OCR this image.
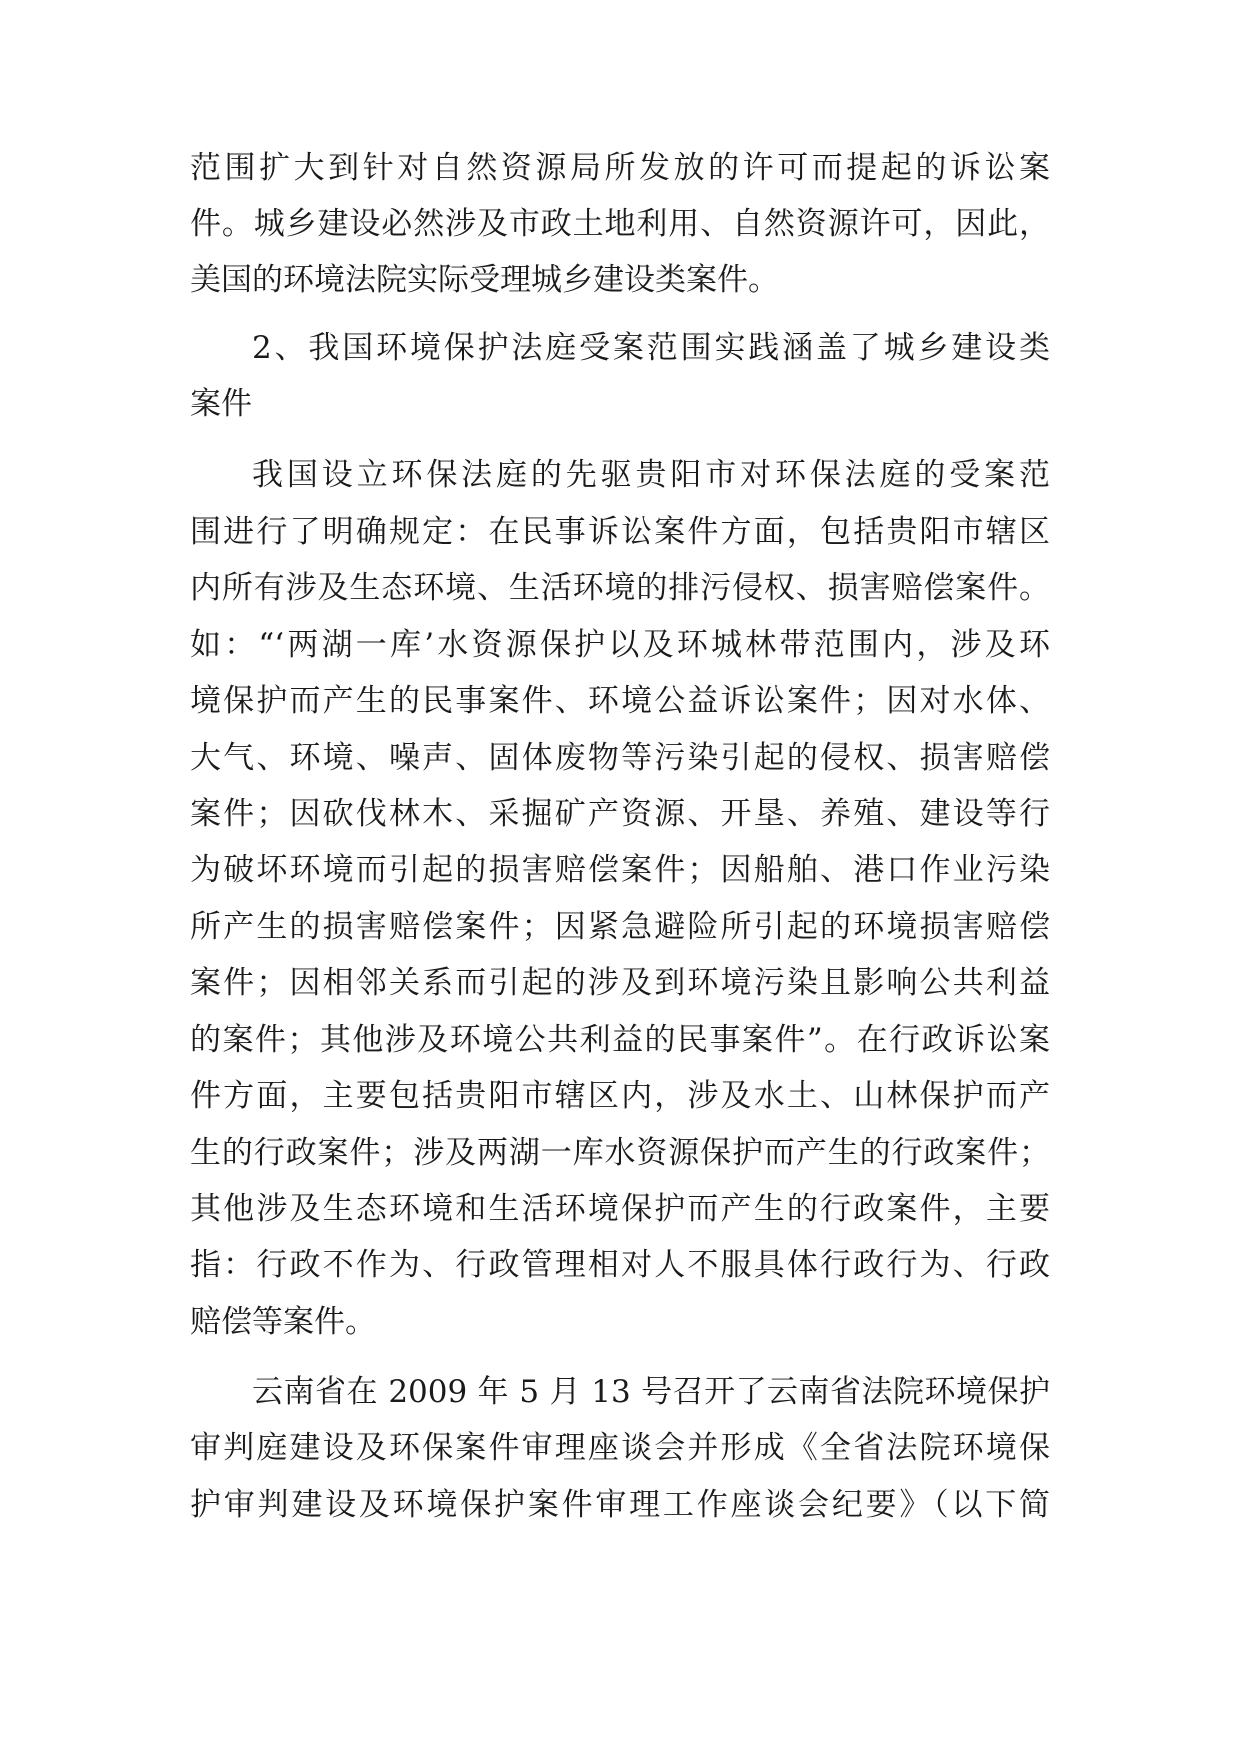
范围扩大到针对自然资源局所发放的许可而提起的诉讼案
件。城乡建设必然涉及市政土地利用、自然资源许可，因此，
美国的环境法院实际受理城乡建设类案件。
2、我国环境保护法庭受案范围实践涵盖了城乡建设类
案件
我国设立环保法庭的先驱贵阳市对环保法庭的受案范
围进行了明确规定：在民事诉讼案件方面，包括贵阳市辖区
内所有涉及生态环境、生活环境的排污侵权、损害赔偿案件。
如：“‘两湖一库’水资源保护以及环城林带范围内，涉及环
境保护而产生的民事案件、环境公益诉讼案件；因对水体、
大气、环境、噪声、固体废物等污染引起的侵权、损害赔偿
案件；因砍伐林木、采掘矿产资源、开垦、养殖、建设等行
为破坏环境而引起的损害赔偿案件；因船舶、港口作业污染
所产生的损害赔偿案件；因紧急避险所引起的环境损害赔偿
案件；因相邻关系而引起的涉及到环境污染且影响公共利益
的案件；其他涉及环境公共利益的民事案件”。在行政诉讼案
件方面，主要包括贵阳市辖区内，涉及水土、山林保护而产
生的行政案件；涉及两湖一库水资源保护而产生的行政案件；
其他涉及生态环境和生活环境保护而产生的行政案件，主要
指：行政不作为、行政管理相对人不服具体行政行为、行政
赔偿等案件。
云南省在 2009 年 5 月 13 号召开了云南省法院环境保护
审判庭建设及环保案件审理座谈会并形成《全省法院环境保
护审判建设及环境保护案件审理工作座谈会纪要》（以下简
